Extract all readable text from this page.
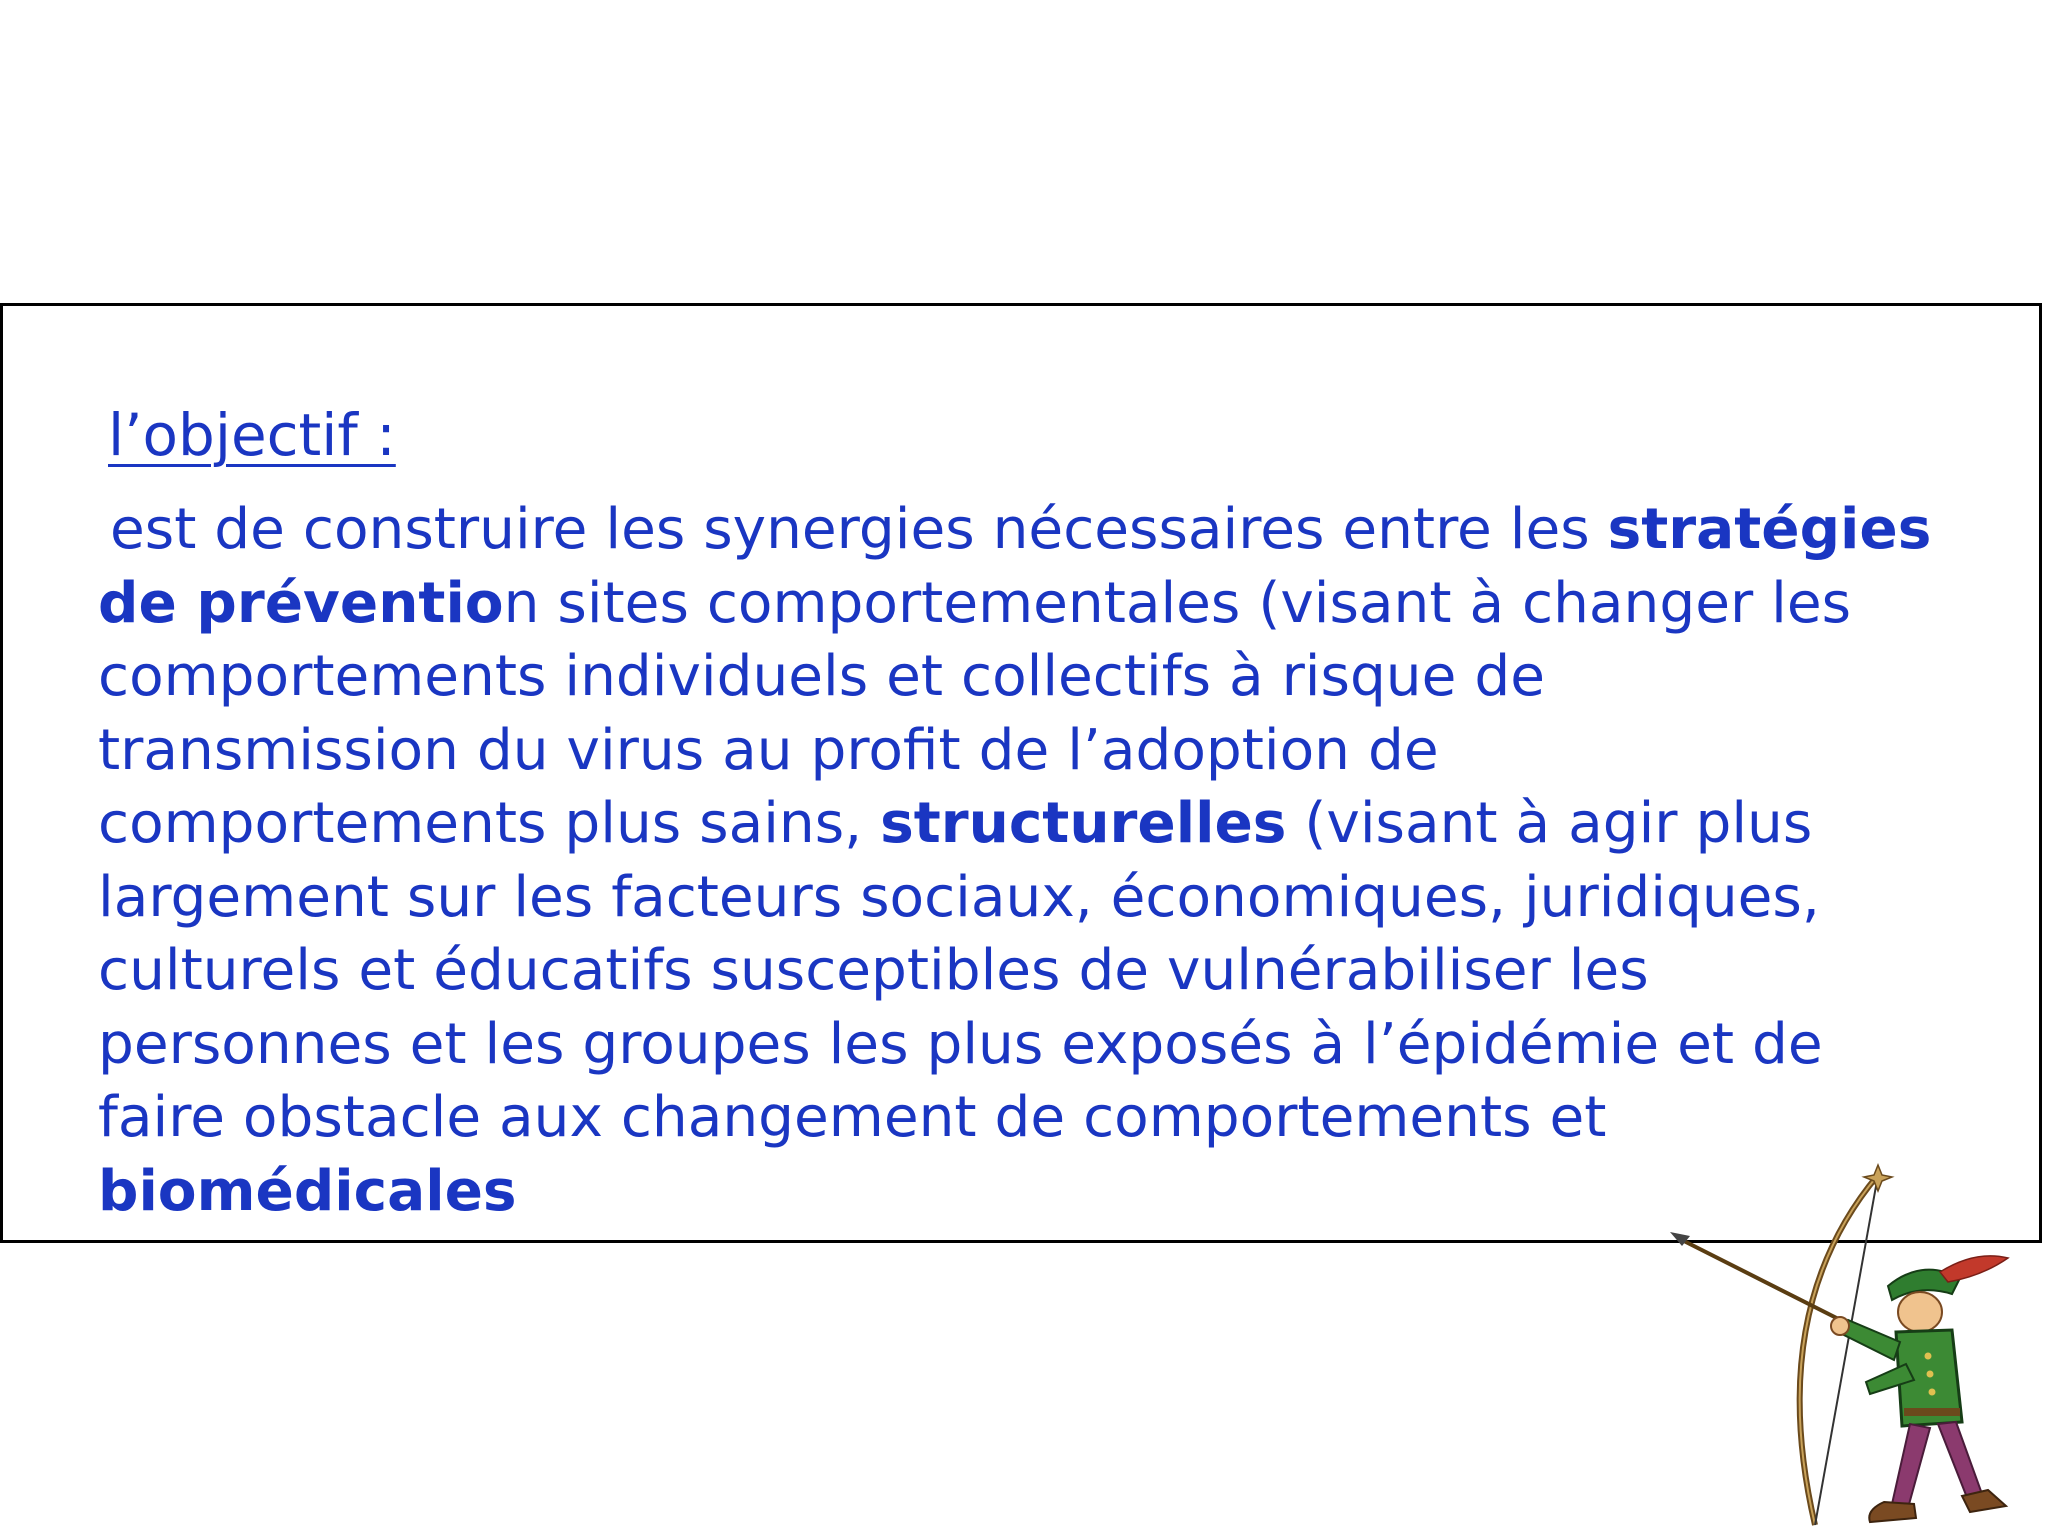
l’objectif :
est de construire les synergies nécessaires entre les stratégies
de prévention sites comportementales (visant à changer les
comportements individuels et collectifs à risque de
transmission du virus au profit de l’adoption de
comportements plus sains, structurelles (visant à agir plus
largement sur les facteurs sociaux, économiques, juridiques,
culturels et éducatifs susceptibles de vulnérabiliser les
personnes et les groupes les plus exposés à l’épidémie et de
faire obstacle aux changement de comportements et
biomédicales
